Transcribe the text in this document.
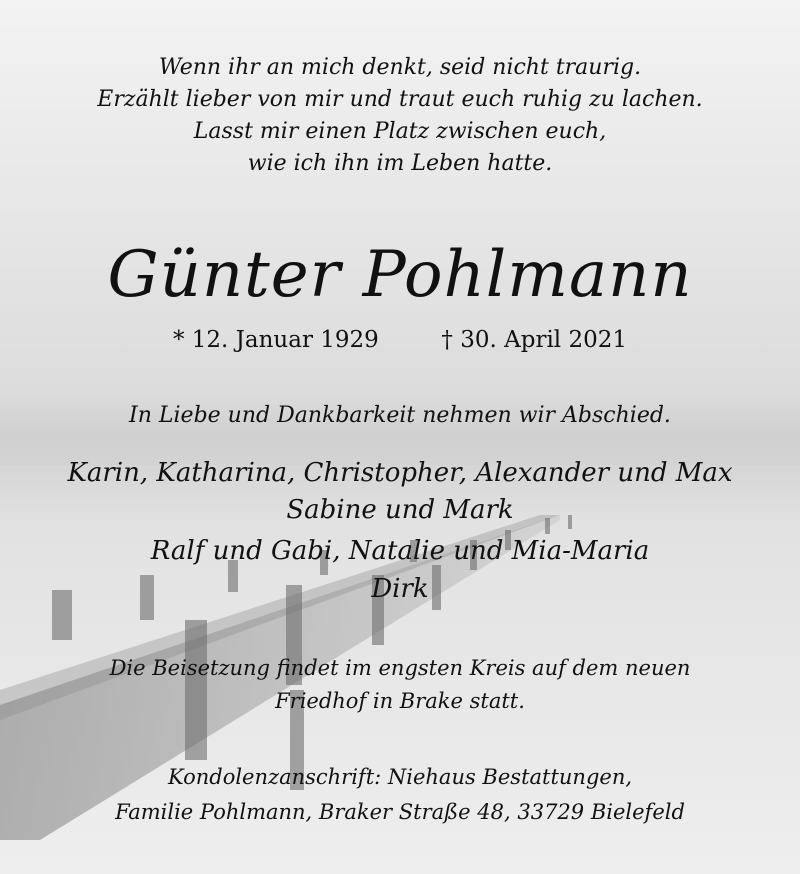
Wenn ihr an mich denkt, seid nicht traurig.
Erzählt lieber von mir und traut euch ruhig zu lachen.
Lasst mir einen Platz zwischen euch,
wie ich ihn im Leben hatte.
Günter Pohlmann
* 12. Januar 1929	† 30. April 2021
In Liebe und Dankbarkeit nehmen wir Abschied.
Karin, Katharina, Christopher, Alexander und Max
Sabine und Mark
Ralf und Gabi, Natalie und Mia-Maria
Dirk
Die Beisetzung findet im engsten Kreis auf dem neuen
Friedhof in Brake statt.
Kondolenzanschrift: Niehaus Bestattungen,
Familie Pohlmann, Braker Straße 48, 33729 Bielefeld
